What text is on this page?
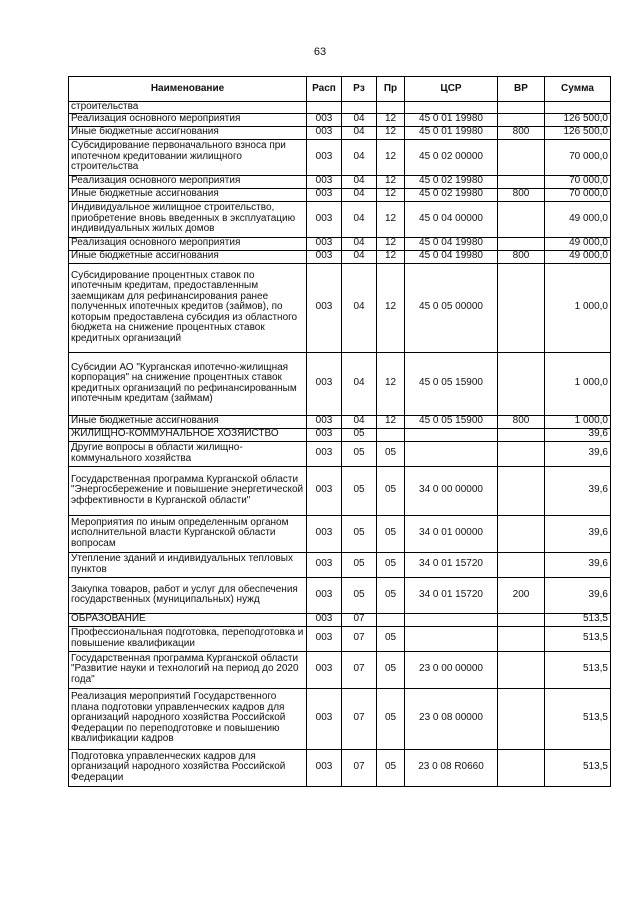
63
Наименование	Расп	Рз	Пр	ЦСР	ВР	Сумма
строительства						
Реализация основного мероприятия	003	04	12	45 0 01 19980		126 500,0
Иные бюджетные ассигнования	003	04	12	45 0 01 19980	800	126 500,0
Субсидирование первоначального взноса при ипотечном кредитовании жилищного строительства	003	04	12	45 0 02 00000		70 000,0
Реализация основного мероприятия	003	04	12	45 0 02 19980		70 000,0
Иные бюджетные ассигнования	003	04	12	45 0 02 19980	800	70 000,0
Индивидуальное жилищное строительство, приобретение вновь введенных в эксплуатацию индивидуальных жилых домов	003	04	12	45 0 04 00000		49 000,0
Реализация основного мероприятия	003	04	12	45 0 04 19980		49 000,0
Иные бюджетные ассигнования	003	04	12	45 0 04 19980	800	49 000,0
Субсидирование процентных ставок по ипотечным кредитам, предоставленным заемщикам для рефинансирования ранее полученных ипотечных кредитов (займов), по которым предоставлена субсидия из областного бюджета на снижение процентных ставок кредитных организаций	003	04	12	45 0 05 00000		1 000,0
Субсидии АО "Курганская ипотечно-жилищная корпорация" на снижение процентных ставок кредитных организаций по рефинансированным ипотечным кредитам (займам)	003	04	12	45 0 05 15900		1 000,0
Иные бюджетные ассигнования	003	04	12	45 0 05 15900	800	1 000,0
ЖИЛИЩНО-КОММУНАЛЬНОЕ ХОЗЯЙСТВО	003	05				39,6
Другие вопросы в области жилищно-коммунального хозяйства	003	05	05			39,6
Государственная программа Курганской области "Энергосбережение и повышение энергетической эффективности в Курганской области"	003	05	05	34 0 00 00000		39,6
Мероприятия по иным определенным органом исполнительной власти Курганской области вопросам	003	05	05	34 0 01 00000		39,6
Утепление зданий и индивидуальных тепловых пунктов	003	05	05	34 0 01 15720		39,6
Закупка товаров, работ и услуг для обеспечения государственных (муниципальных) нужд	003	05	05	34 0 01 15720	200	39,6
ОБРАЗОВАНИЕ	003	07				513,5
Профессиональная подготовка, переподготовка и повышение квалификации	003	07	05			513,5
Государственная программа Курганской области "Развитие науки и технологий на период до 2020 года"	003	07	05	23 0 00 00000		513,5
Реализация мероприятий Государственного плана подготовки управленческих кадров для организаций народного хозяйства Российской Федерации по переподготовке и повышению квалификации кадров	003	07	05	23 0 08 00000		513,5
Подготовка управленческих кадров для организаций народного хозяйства Российской Федерации	003	07	05	23 0 08 R0660		513,5
